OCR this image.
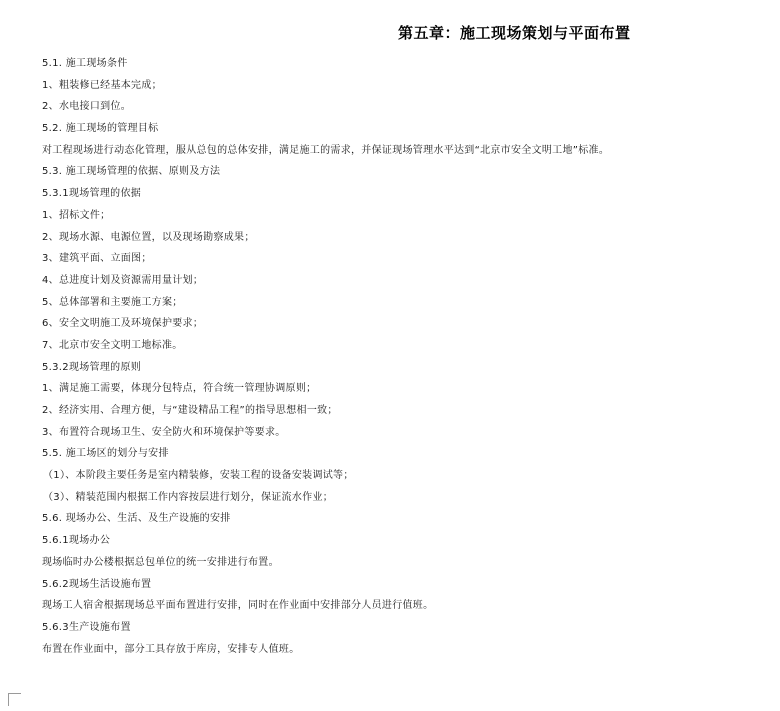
第五章：施工现场策划与平面布置
5.1. 施工现场条件
1、粗装修已经基本完成；
2、水电接口到位。
5.2. 施工现场的管理目标
对工程现场进行动态化管理，服从总包的总体安排，满足施工的需求，并保证现场管理水平达到“北京市安全文明工地”标准。
5.3. 施工现场管理的依据、原则及方法
5.3.1现场管理的依据
1、招标文件；
2、现场水源、电源位置，以及现场勘察成果；
3、建筑平面、立面图；
4、总进度计划及资源需用量计划；
5、总体部署和主要施工方案；
6、安全文明施工及环境保护要求；
7、北京市安全文明工地标准。
5.3.2现场管理的原则
1、满足施工需要，体现分包特点，符合统一管理协调原则；
2、经济实用、合理方便，与“建设精品工程”的指导思想相一致；
3、布置符合现场卫生、安全防火和环境保护等要求。
5.5. 施工场区的划分与安排
（1）、本阶段主要任务是室内精装修，安装工程的设备安装调试等；
（3）、精装范围内根据工作内容按层进行划分，保证流水作业；
5.6. 现场办公、生活、及生产设施的安排
5.6.1现场办公
现场临时办公楼根据总包单位的统一安排进行布置。
5.6.2现场生活设施布置
现场工人宿舍根据现场总平面布置进行安排，同时在作业面中安排部分人员进行值班。
5.6.3生产设施布置
布置在作业面中，部分工具存放于库房，安排专人值班。
